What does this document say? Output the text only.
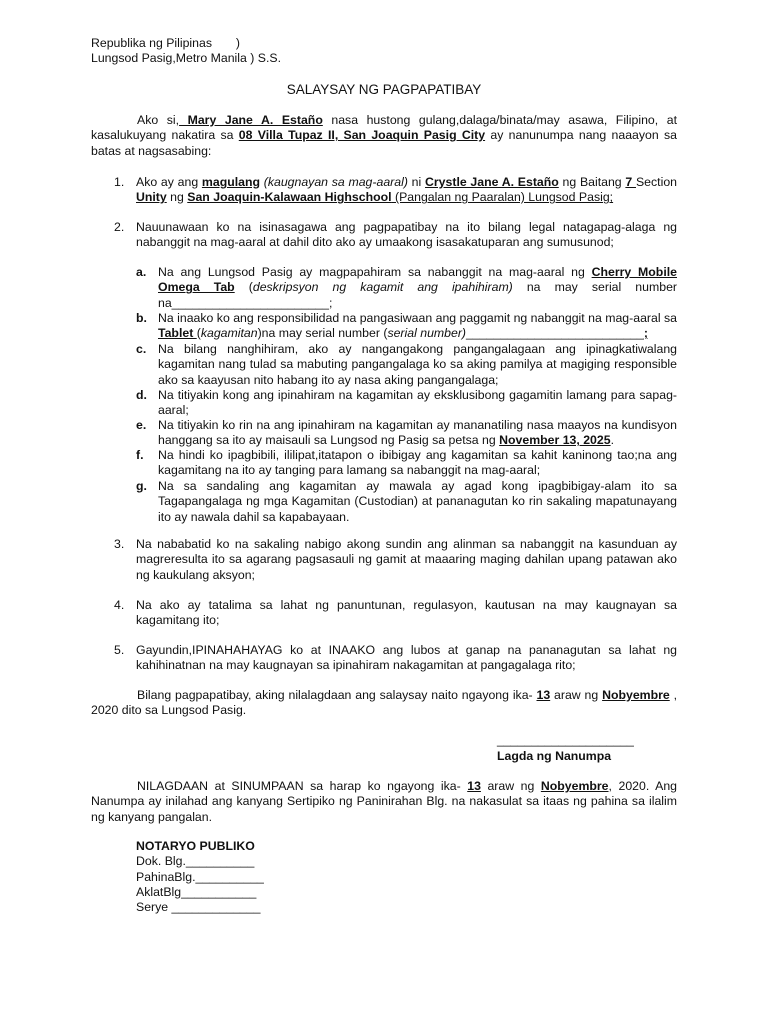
Republika ng Pilipinas       )
Lungsod Pasig,Metro Manila ) S.S.
SALAYSAY NG PAGPAPATIBAY

Ako si, Mary Jane A. Estaño nasa hustong gulang,dalaga/binata/may asawa, Filipino, at kasalukuyang nakatira sa 08 Villa Tupaz II, San Joaquin Pasig City ay nanunumpa nang naaayon sa batas at nagsasabing:

1. Ako ay ang magulang (kaugnayan sa mag-aaral) ni Crystle Jane A. Estaño ng Baitang 7 Section Unity ng San Joaquin-Kalawaan Highschool (Pangalan ng Paaralan) Lungsod Pasig;

2. Nauunawaan ko na isinasagawa ang pagpapatibay na ito bilang legal natagapag-alaga ng nabanggit na mag-aaral at dahil dito ako ay umaakong isasakatuparan ang sumusunod;

a. Na ang Lungsod Pasig ay magpapahiram sa nabanggit na mag-aaral ng Cherry Mobile Omega Tab (deskripsyon ng kagamit ang ipahihiram) na may serial number na_______________________;

b. Na inaako ko ang responsibilidad na pangasiwaan ang paggamit ng nabanggit na mag-aaral sa Tablet (kagamitan)na may serial number (serial number)__________________________;

c. Na bilang nanghihiram, ako ay nangangakong pangangalagaan ang ipinagkatiwalang kagamitan nang tulad sa mabuting pangangalaga ko sa aking pamilya at magiging responsible ako sa kaayusan nito habang ito ay nasa aking pangangalaga;

d. Na titiyakin kong ang ipinahiram na kagamitan ay eksklusibong gagamitin lamang para sapag-aaral;

e. Na titiyakin ko rin na ang ipinahiram na kagamitan ay mananatiling nasa maayos na kundisyon hanggang sa ito ay maisauli sa Lungsod ng Pasig sa petsa ng November 13, 2025.

f. Na hindi ko ipagbibili, ililipat,itatapon o ibibigay ang kagamitan sa kahit kaninong tao;na ang kagamitang na ito ay tanging para lamang sa nabanggit na mag-aaral;

g. Na sa sandaling ang kagamitan ay mawala ay agad kong ipagbibigay-alam ito sa Tagapangalaga ng mga Kagamitan (Custodian) at pananagutan ko rin sakaling mapatunayang ito ay nawala dahil sa kapabayaan.

3. Na nababatid ko na sakaling nabigo akong sundin ang alinman sa nabanggit na kasunduan ay magreresulta ito sa agarang pagsasauli ng gamit at maaaring maging dahilan upang patawan ako ng kaukulang aksyon;

4. Na ako ay tatalima sa lahat ng panuntunan, regulasyon, kautusan na may kaugnayan sa kagamitang ito;

5. Gayundin,IPINAHAHAYAG ko at INAAKO ang lubos at ganap na pananagutan sa lahat ng kahihinatnan na may kaugnayan sa ipinahiram nakagamitan at pangagalaga rito;

Bilang pagpapatibay, aking nilalagdaan ang salaysay naito ngayong ika- 13 araw ng Nobyembre , 2020 dito sa Lungsod Pasig.

____________________
Lagda ng Nanumpa

NILAGDAAN at SINUMPAAN sa harap ko ngayong ika- 13 araw ng Nobyembre, 2020. Ang Nanumpa ay inilahad ang kanyang Sertipiko ng Paninirahan Blg. na nakasulat sa itaas ng pahina sa ilalim ng kanyang pangalan.

NOTARYO PUBLIKO
Dok. Blg.__________
PahinaBlg.__________
AklatBlg___________
Serye _____________
